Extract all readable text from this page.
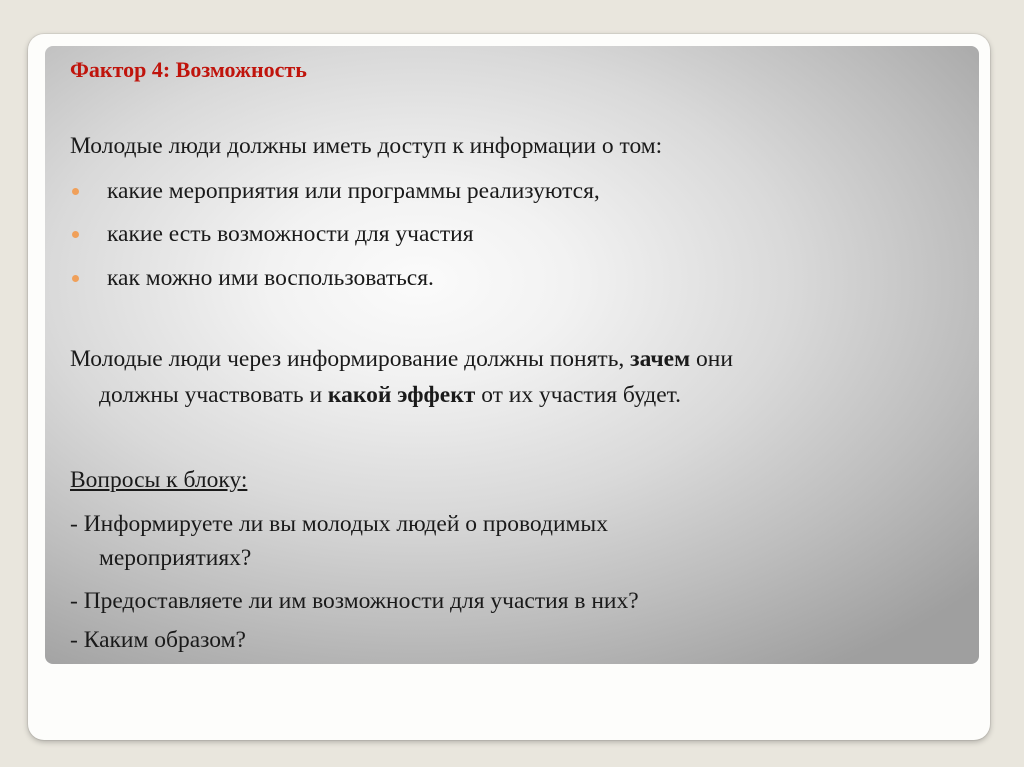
Фактор 4: Возможность
Молодые люди должны иметь доступ к информации о том:
какие мероприятия или программы реализуются,
какие есть возможности для участия
как можно ими воспользоваться.
Молодые люди через информирование должны понять, зачем они
должны участвовать и какой эффект от их участия будет.
Вопросы к блоку:
- Информируете ли вы молодых людей о проводимых
мероприятиях?
- Предоставляете ли им возможности для участия в них?
- Каким образом?
